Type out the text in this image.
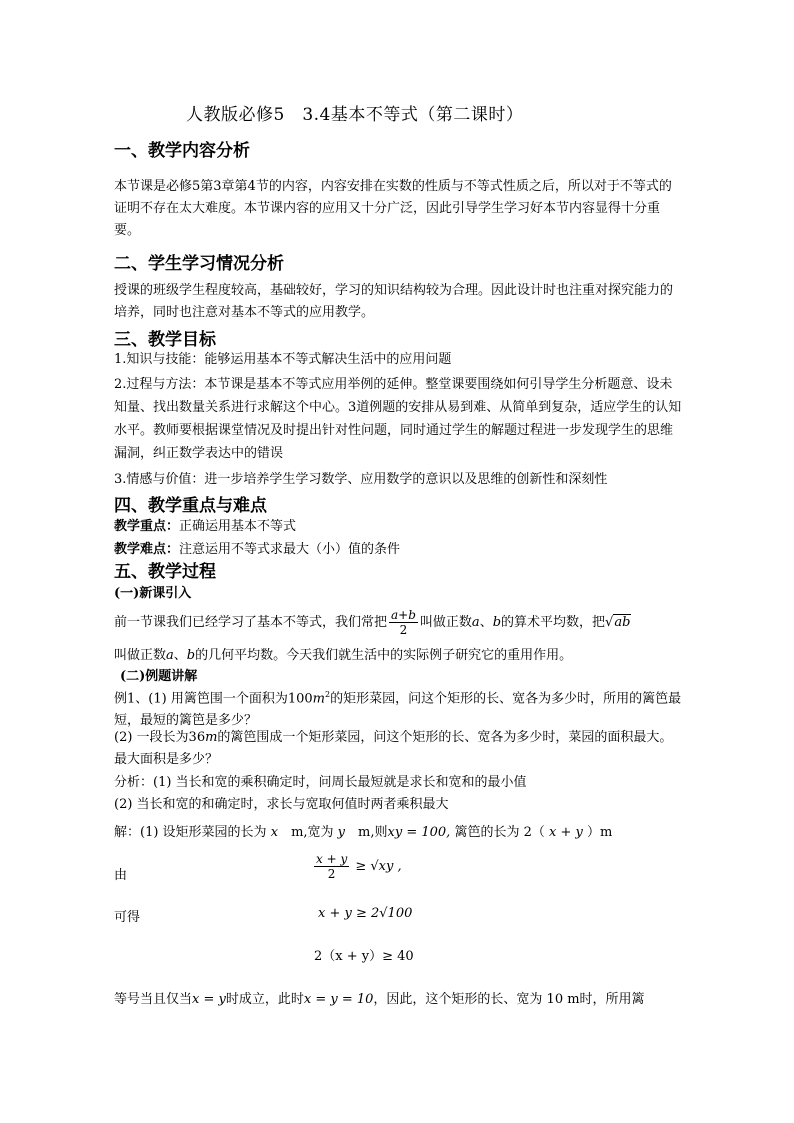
人教版必修5　3.4基本不等式（第二课时）
一、教学内容分析
本节课是必修5第3章第4节的内容，内容安排在实数的性质与不等式性质之后，所以对于不等式的证明不存在太大难度。本节课内容的应用又十分广泛，因此引导学生学习好本节内容显得十分重要。
二、学生学习情况分析
授课的班级学生程度较高，基础较好，学习的知识结构较为合理。因此设计时也注重对探究能力的培养，同时也注意对基本不等式的应用教学。
三、教学目标
1.知识与技能：能够运用基本不等式解决生活中的应用问题
2.过程与方法：本节课是基本不等式应用举例的延伸。整堂课要围绕如何引导学生分析题意、设未知量、找出数量关系进行求解这个中心。3道例题的安排从易到难、从简单到复杂，适应学生的认知水平。教师要根据课堂情况及时提出针对性问题，同时通过学生的解题过程进一步发现学生的思维漏洞，纠正数学表达中的错误
3.情感与价值：进一步培养学生学习数学、应用数学的意识以及思维的创新性和深刻性
四、教学重点与难点
教学重点：正确运用基本不等式
教学难点：注意运用不等式求最大（小）值的条件
五、教学过程
(一)新课引入
前一节课我们已经学习了基本不等式，我们常把 $\frac{a+b}{2}$ 叫做正数a、b的算术平均数，把√ab
叫做正数a、b的几何平均数。今天我们就生活中的实际例子研究它的重用作用。
(二)例题讲解
例1、(1) 用篱笆围一个面积为$100m^2$的矩形菜园，问这个矩形的长、宽各为多少时，所用的篱笆最短，最短的篱笆是多少？
(2) 一段长为36m的篱笆围成一个矩形菜园，问这个矩形的长、宽各为多少时，菜园的面积最大。最大面积是多少？
分析：(1) 当长和宽的乘积确定时，问周长最短就是求长和宽和的最小值
(2) 当长和宽的和确定时，求长与宽取何值时两者乘积最大
解：(1) 设矩形菜园的长为 x　 m,宽为 y　 m,则xy = 100, 篱笆的长为 2（ x + y ）m
由	$\frac{x + y}{2} \ge √xy$ ,
可得	x + y ≥ 2√100
2（x + y）≥ 40
等号当且仅当x = y时成立，此时x = y = 10，因此，这个矩形的长、宽为 10 m时，所用篱
